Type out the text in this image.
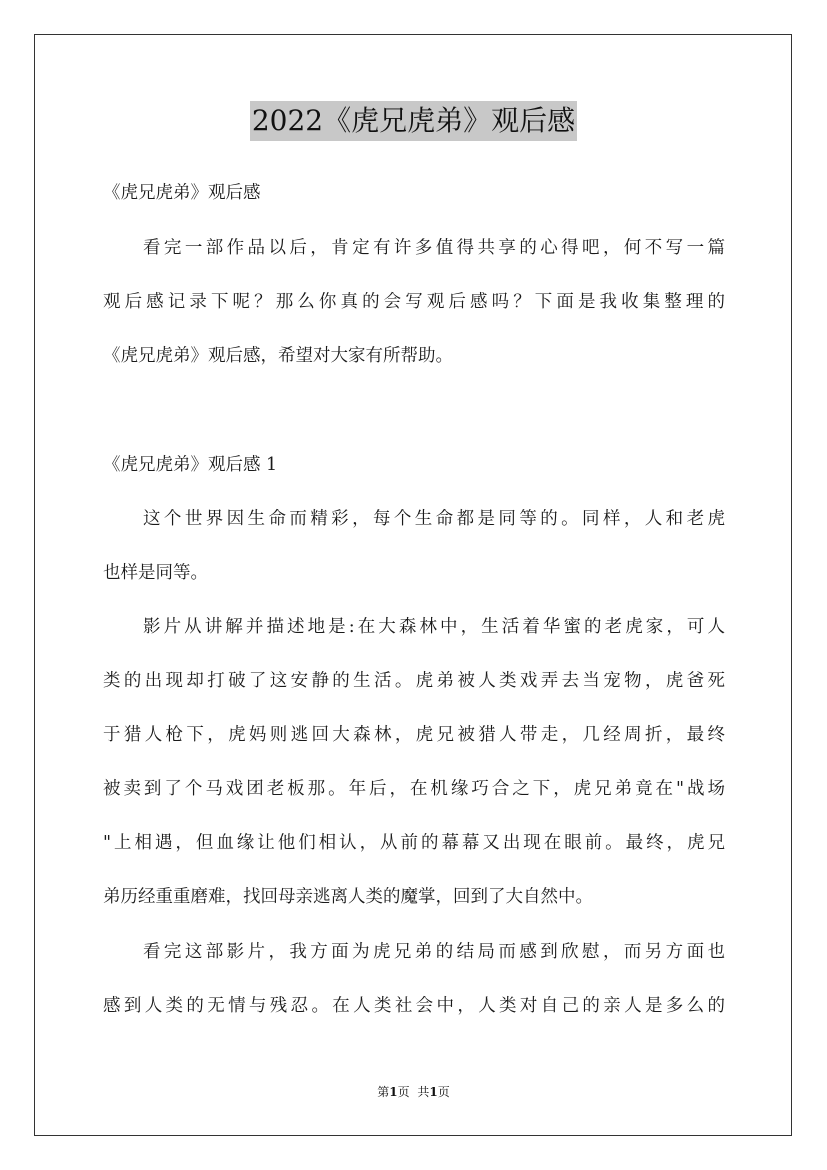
2022《虎兄虎弟》观后感
《虎兄虎弟》观后感
看完一部作品以后，肯定有许多值得共享的心得吧，何不写一篇
观后感记录下呢？那么你真的会写观后感吗？下面是我收集整理的
《虎兄虎弟》观后感，希望对大家有所帮助。
《虎兄虎弟》观后感 1
这个世界因生命而精彩，每个生命都是同等的。同样，人和老虎
也样是同等。
影片从讲解并描述地是:在大森林中，生活着华蜜的老虎家，可人
类的出现却打破了这安静的生活。虎弟被人类戏弄去当宠物，虎爸死
于猎人枪下，虎妈则逃回大森林，虎兄被猎人带走，几经周折，最终
被卖到了个马戏团老板那。年后，在机缘巧合之下，虎兄弟竟在"战场
"上相遇，但血缘让他们相认，从前的幕幕又出现在眼前。最终，虎兄
弟历经重重磨难，找回母亲逃离人类的魔掌，回到了大自然中。
看完这部影片，我方面为虎兄弟的结局而感到欣慰，而另方面也
感到人类的无情与残忍。在人类社会中，人类对自己的亲人是多么的
第1页 共1页
